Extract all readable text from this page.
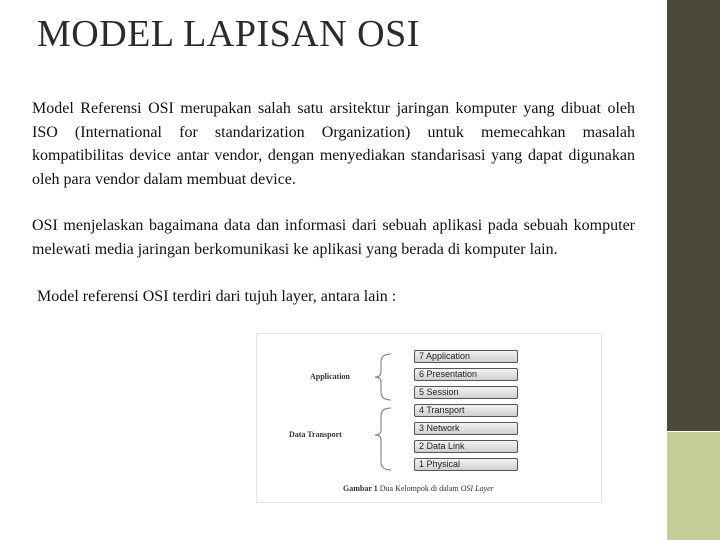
MODEL LAPISAN OSI

Model Referensi OSI merupakan salah satu arsitektur jaringan komputer yang dibuat oleh ISO (International for standarization Organization) untuk memecahkan masalah kompatibilitas device antar vendor, dengan menyediakan standarisasi yang dapat digunakan oleh para vendor dalam membuat device.

OSI menjelaskan bagaimana data dan informasi dari sebuah aplikasi pada sebuah komputer melewati media jaringan berkomunikasi ke aplikasi yang berada di komputer lain.

Model referensi OSI terdiri dari tujuh layer, antara lain :

Application
Data Transport
7 Application
6 Presentation
5 Session
4 Transport
3 Network
2 Data Link
1 Physical
Gambar 1 Dua Kelompok di dalam OSI Layer
